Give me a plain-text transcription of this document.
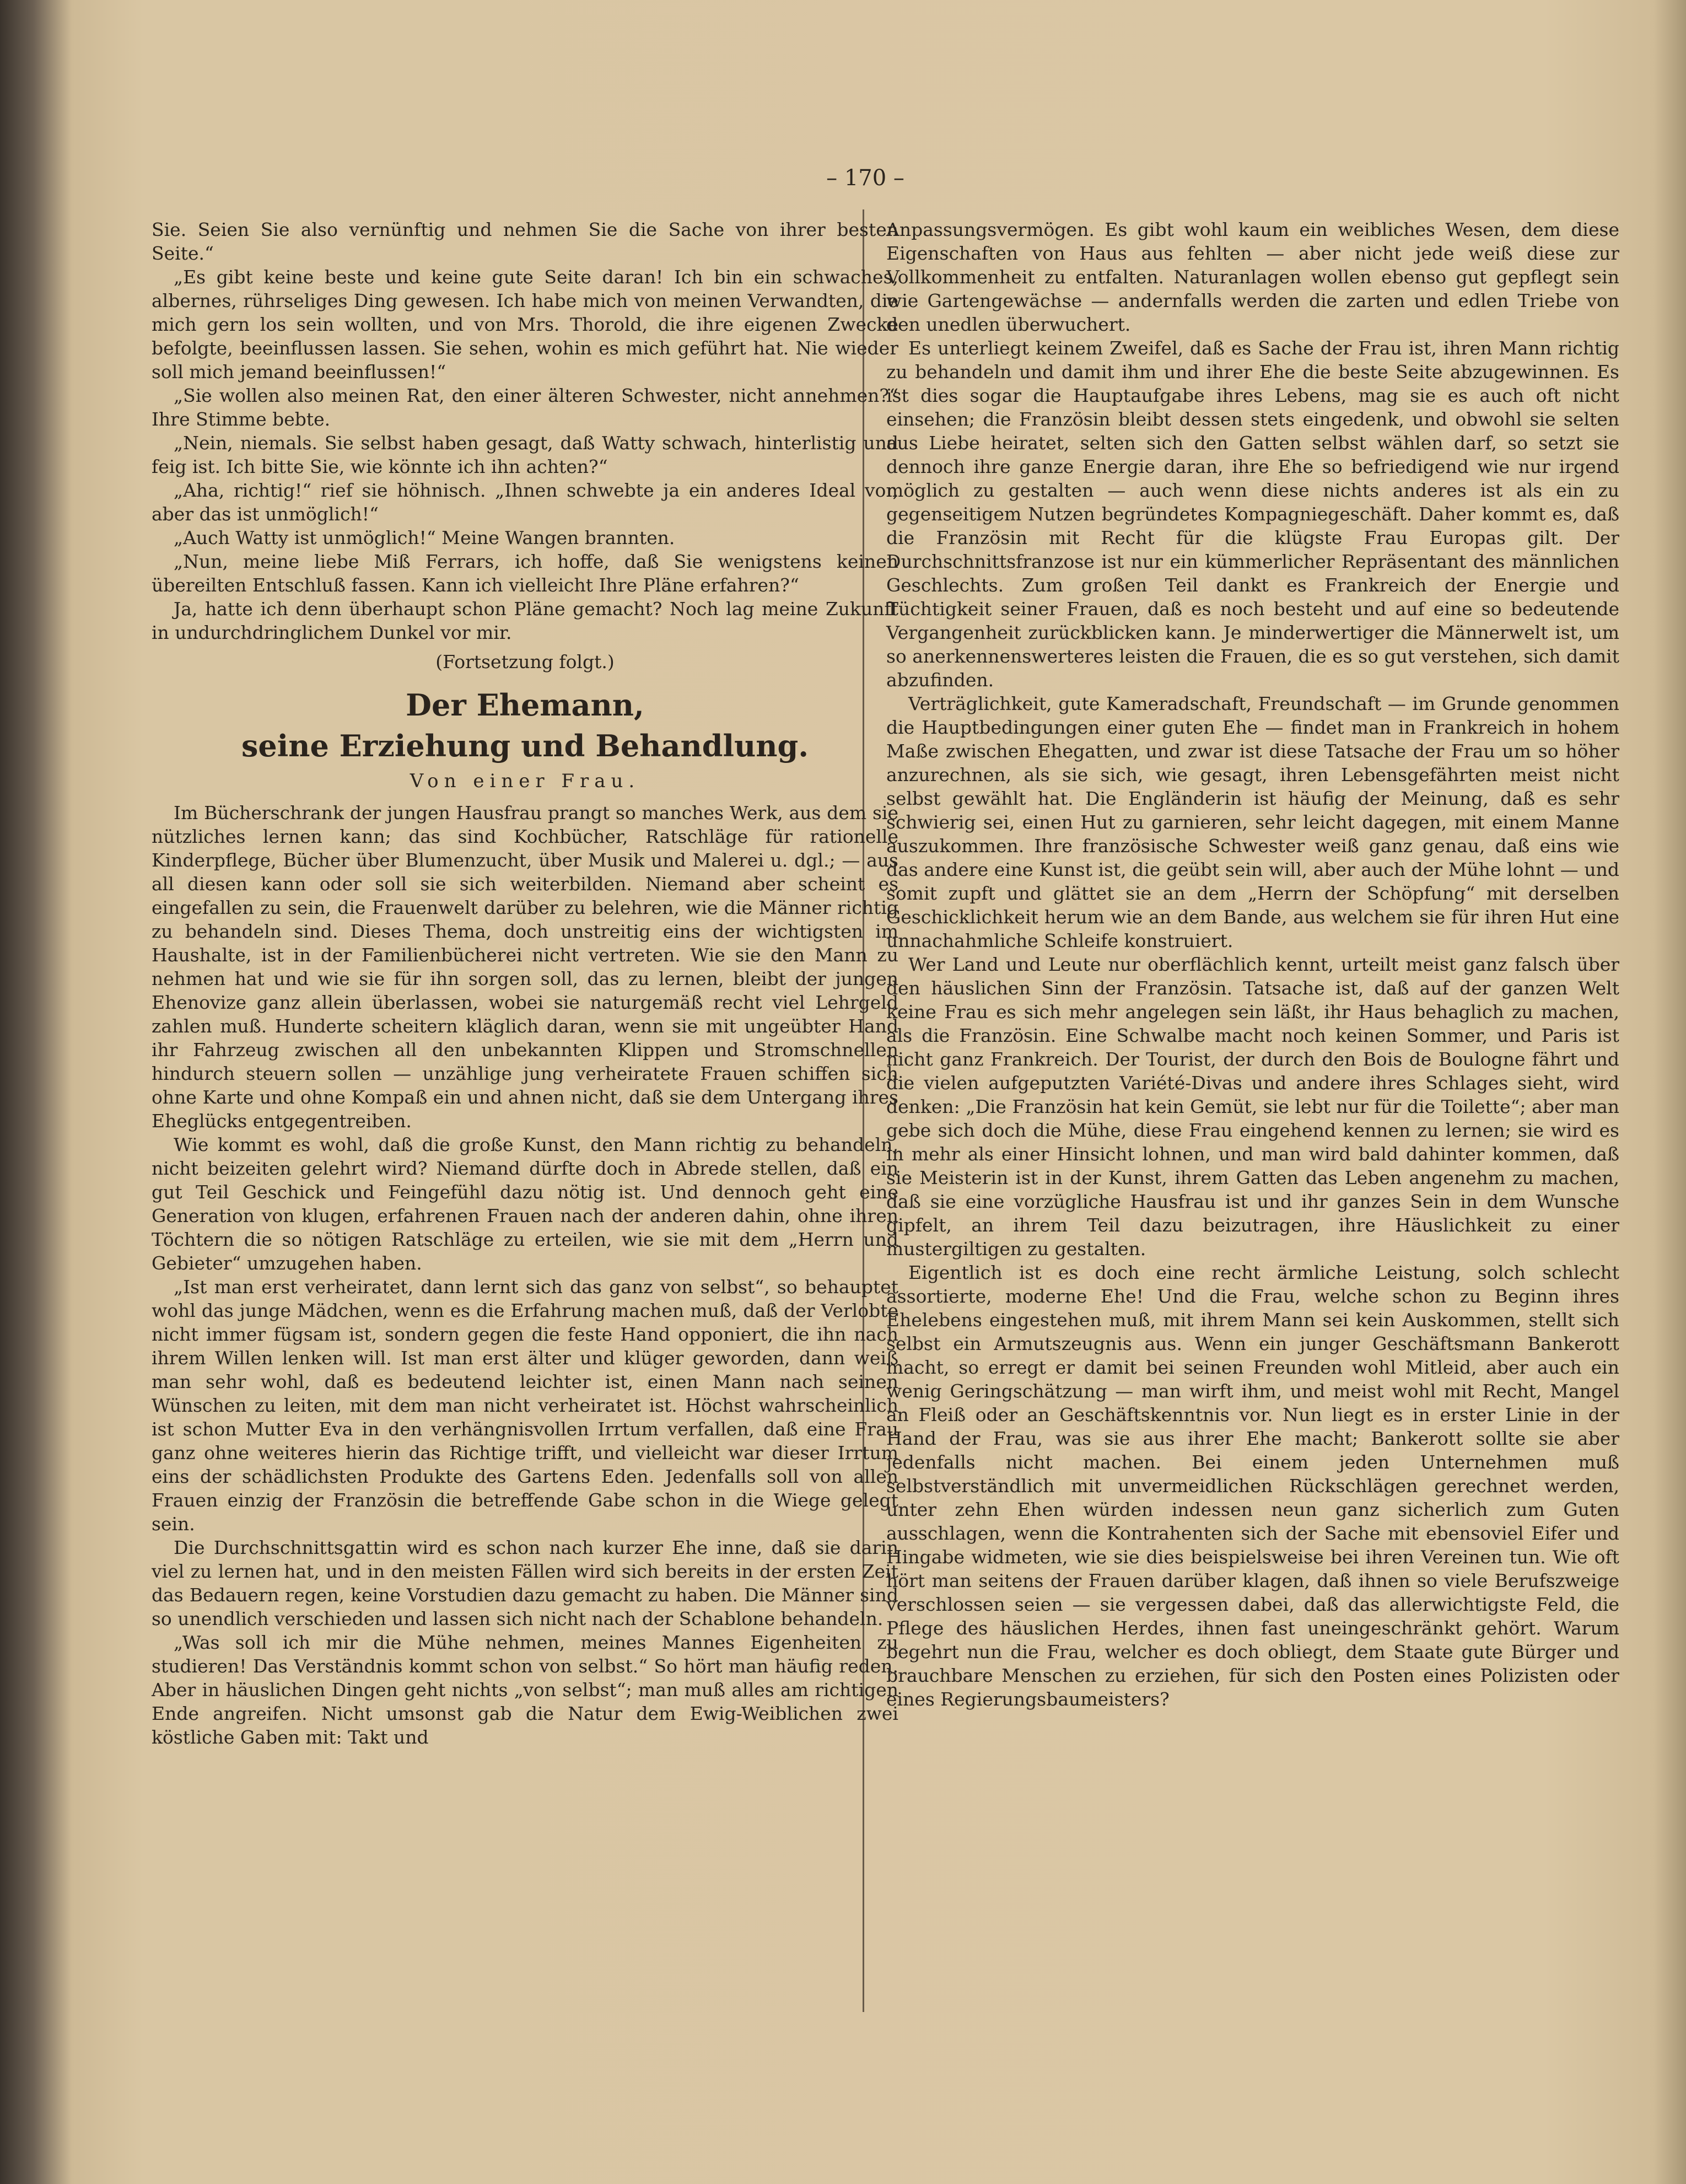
– 170 –

Sie. Seien Sie also vernünftig und nehmen Sie die Sache von ihrer besten Seite.“

„Es gibt keine beste und keine gute Seite daran! Ich bin ein schwaches, albernes, rührseliges Ding gewesen. Ich habe mich von meinen Verwandten, die mich gern los sein wollten, und von Mrs. Thorold, die ihre eigenen Zwecke befolgte, beeinflussen lassen. Sie sehen, wohin es mich geführt hat. Nie wieder soll mich jemand beeinflussen!“

„Sie wollen also meinen Rat, den einer älteren Schwester, nicht annehmen?“ Ihre Stimme bebte.

„Nein, niemals. Sie selbst haben gesagt, daß Watty schwach, hinterlistig und feig ist. Ich bitte Sie, wie könnte ich ihn achten?“

„Aha, richtig!“ rief sie höhnisch. „Ihnen schwebte ja ein anderes Ideal vor, aber das ist unmöglich!“

„Auch Watty ist unmöglich!“ Meine Wangen brannten.

„Nun, meine liebe Miß Ferrars, ich hoffe, daß Sie wenigstens keinen übereilten Entschluß fassen. Kann ich vielleicht Ihre Pläne erfahren?“

Ja, hatte ich denn überhaupt schon Pläne gemacht? Noch lag meine Zukunft in undurchdringlichem Dunkel vor mir.

(Fortsetzung folgt.)
Der Ehemann,
seine Erziehung und Behandlung.
Von einer Frau.

Im Bücherschrank der jungen Hausfrau prangt so manches Werk, aus dem sie nützliches lernen kann; das sind Kochbücher, Ratschläge für rationelle Kinderpflege, Bücher über Blumenzucht, über Musik und Malerei u. dgl.; — aus all diesen kann oder soll sie sich weiterbilden. Niemand aber scheint es eingefallen zu sein, die Frauenwelt darüber zu belehren, wie die Männer richtig zu behandeln sind. Dieses Thema, doch unstreitig eins der wichtigsten im Haushalte, ist in der Familienbücherei nicht vertreten. Wie sie den Mann zu nehmen hat und wie sie für ihn sorgen soll, das zu lernen, bleibt der jungen Ehenovize ganz allein überlassen, wobei sie naturgemäß recht viel Lehrgeld zahlen muß. Hunderte scheitern kläglich daran, wenn sie mit ungeübter Hand ihr Fahrzeug zwischen all den unbekannten Klippen und Stromschnellen hindurch steuern sollen — unzählige jung verheiratete Frauen schiffen sich ohne Karte und ohne Kompaß ein und ahnen nicht, daß sie dem Untergang ihres Eheglücks entgegentreiben.

Wie kommt es wohl, daß die große Kunst, den Mann richtig zu behandeln, nicht beizeiten gelehrt wird? Niemand dürfte doch in Abrede stellen, daß ein gut Teil Geschick und Feingefühl dazu nötig ist. Und dennoch geht eine Generation von klugen, erfahrenen Frauen nach der anderen dahin, ohne ihren Töchtern die so nötigen Ratschläge zu erteilen, wie sie mit dem „Herrn und Gebieter“ umzugehen haben.

„Ist man erst verheiratet, dann lernt sich das ganz von selbst“, so behauptet wohl das junge Mädchen, wenn es die Erfahrung machen muß, daß der Verlobte nicht immer fügsam ist, sondern gegen die feste Hand opponiert, die ihn nach ihrem Willen lenken will. Ist man erst älter und klüger geworden, dann weiß man sehr wohl, daß es bedeutend leichter ist, einen Mann nach seinen Wünschen zu leiten, mit dem man nicht verheiratet ist. Höchst wahrscheinlich ist schon Mutter Eva in den verhängnisvollen Irrtum verfallen, daß eine Frau ganz ohne weiteres hierin das Richtige trifft, und vielleicht war dieser Irrtum eins der schädlichsten Produkte des Gartens Eden. Jedenfalls soll von allen Frauen einzig der Französin die betreffende Gabe schon in die Wiege gelegt sein.

Die Durchschnittsgattin wird es schon nach kurzer Ehe inne, daß sie darin viel zu lernen hat, und in den meisten Fällen wird sich bereits in der ersten Zeit das Bedauern regen, keine Vorstudien dazu gemacht zu haben. Die Männer sind so unendlich verschieden und lassen sich nicht nach der Schablone behandeln.

„Was soll ich mir die Mühe nehmen, meines Mannes Eigenheiten zu studieren! Das Verständnis kommt schon von selbst.“ So hört man häufig reden. Aber in häuslichen Dingen geht nichts „von selbst“; man muß alles am richtigen Ende angreifen. Nicht umsonst gab die Natur dem Ewig-Weiblichen zwei köstliche Gaben mit: Takt und

Anpassungsvermögen. Es gibt wohl kaum ein weibliches Wesen, dem diese Eigenschaften von Haus aus fehlten — aber nicht jede weiß diese zur Vollkommenheit zu entfalten. Naturanlagen wollen ebenso gut gepflegt sein wie Gartengewächse — andernfalls werden die zarten und edlen Triebe von den unedlen überwuchert.

Es unterliegt keinem Zweifel, daß es Sache der Frau ist, ihren Mann richtig zu behandeln und damit ihm und ihrer Ehe die beste Seite abzugewinnen. Es ist dies sogar die Hauptaufgabe ihres Lebens, mag sie es auch oft nicht einsehen; die Französin bleibt dessen stets eingedenk, und obwohl sie selten aus Liebe heiratet, selten sich den Gatten selbst wählen darf, so setzt sie dennoch ihre ganze Energie daran, ihre Ehe so befriedigend wie nur irgend möglich zu gestalten — auch wenn diese nichts anderes ist als ein zu gegenseitigem Nutzen begründetes Kompagniegeschäft. Daher kommt es, daß die Französin mit Recht für die klügste Frau Europas gilt. Der Durchschnittsfranzose ist nur ein kümmerlicher Repräsentant des männlichen Geschlechts. Zum großen Teil dankt es Frankreich der Energie und Tüchtigkeit seiner Frauen, daß es noch besteht und auf eine so bedeutende Vergangenheit zurückblicken kann. Je minderwertiger die Männerwelt ist, um so anerkennenswerteres leisten die Frauen, die es so gut verstehen, sich damit abzufinden.

Verträglichkeit, gute Kameradschaft, Freundschaft — im Grunde genommen die Hauptbedingungen einer guten Ehe — findet man in Frankreich in hohem Maße zwischen Ehegatten, und zwar ist diese Tatsache der Frau um so höher anzurechnen, als sie sich, wie gesagt, ihren Lebensgefährten meist nicht selbst gewählt hat. Die Engländerin ist häufig der Meinung, daß es sehr schwierig sei, einen Hut zu garnieren, sehr leicht dagegen, mit einem Manne auszukommen. Ihre französische Schwester weiß ganz genau, daß eins wie das andere eine Kunst ist, die geübt sein will, aber auch der Mühe lohnt — und somit zupft und glättet sie an dem „Herrn der Schöpfung“ mit derselben Geschicklichkeit herum wie an dem Bande, aus welchem sie für ihren Hut eine unnachahmliche Schleife konstruiert.

Wer Land und Leute nur oberflächlich kennt, urteilt meist ganz falsch über den häuslichen Sinn der Französin. Tatsache ist, daß auf der ganzen Welt keine Frau es sich mehr angelegen sein läßt, ihr Haus behaglich zu machen, als die Französin. Eine Schwalbe macht noch keinen Sommer, und Paris ist nicht ganz Frankreich. Der Tourist, der durch den Bois de Boulogne fährt und die vielen aufgeputzten Variété-Divas und andere ihres Schlages sieht, wird denken: „Die Französin hat kein Gemüt, sie lebt nur für die Toilette“; aber man gebe sich doch die Mühe, diese Frau eingehend kennen zu lernen; sie wird es in mehr als einer Hinsicht lohnen, und man wird bald dahinter kommen, daß sie Meisterin ist in der Kunst, ihrem Gatten das Leben angenehm zu machen, daß sie eine vorzügliche Hausfrau ist und ihr ganzes Sein in dem Wunsche gipfelt, an ihrem Teil dazu beizutragen, ihre Häuslichkeit zu einer mustergiltigen zu gestalten.

Eigentlich ist es doch eine recht ärmliche Leistung, solch schlecht assortierte, moderne Ehe! Und die Frau, welche schon zu Beginn ihres Ehelebens eingestehen muß, mit ihrem Mann sei kein Auskommen, stellt sich selbst ein Armutszeugnis aus. Wenn ein junger Geschäftsmann Bankerott macht, so erregt er damit bei seinen Freunden wohl Mitleid, aber auch ein wenig Geringschätzung — man wirft ihm, und meist wohl mit Recht, Mangel an Fleiß oder an Geschäftskenntnis vor. Nun liegt es in erster Linie in der Hand der Frau, was sie aus ihrer Ehe macht; Bankerott sollte sie aber jedenfalls nicht machen. Bei einem jeden Unternehmen muß selbstverständlich mit unvermeidlichen Rückschlägen gerechnet werden, unter zehn Ehen würden indessen neun ganz sicherlich zum Guten ausschlagen, wenn die Kontrahenten sich der Sache mit ebensoviel Eifer und Hingabe widmeten, wie sie dies beispielsweise bei ihren Vereinen tun. Wie oft hört man seitens der Frauen darüber klagen, daß ihnen so viele Berufszweige verschlossen seien — sie vergessen dabei, daß das allerwichtigste Feld, die Pflege des häuslichen Herdes, ihnen fast uneingeschränkt gehört. Warum begehrt nun die Frau, welcher es doch obliegt, dem Staate gute Bürger und brauchbare Menschen zu erziehen, für sich den Posten eines Polizisten oder eines Regierungsbaumeisters?
